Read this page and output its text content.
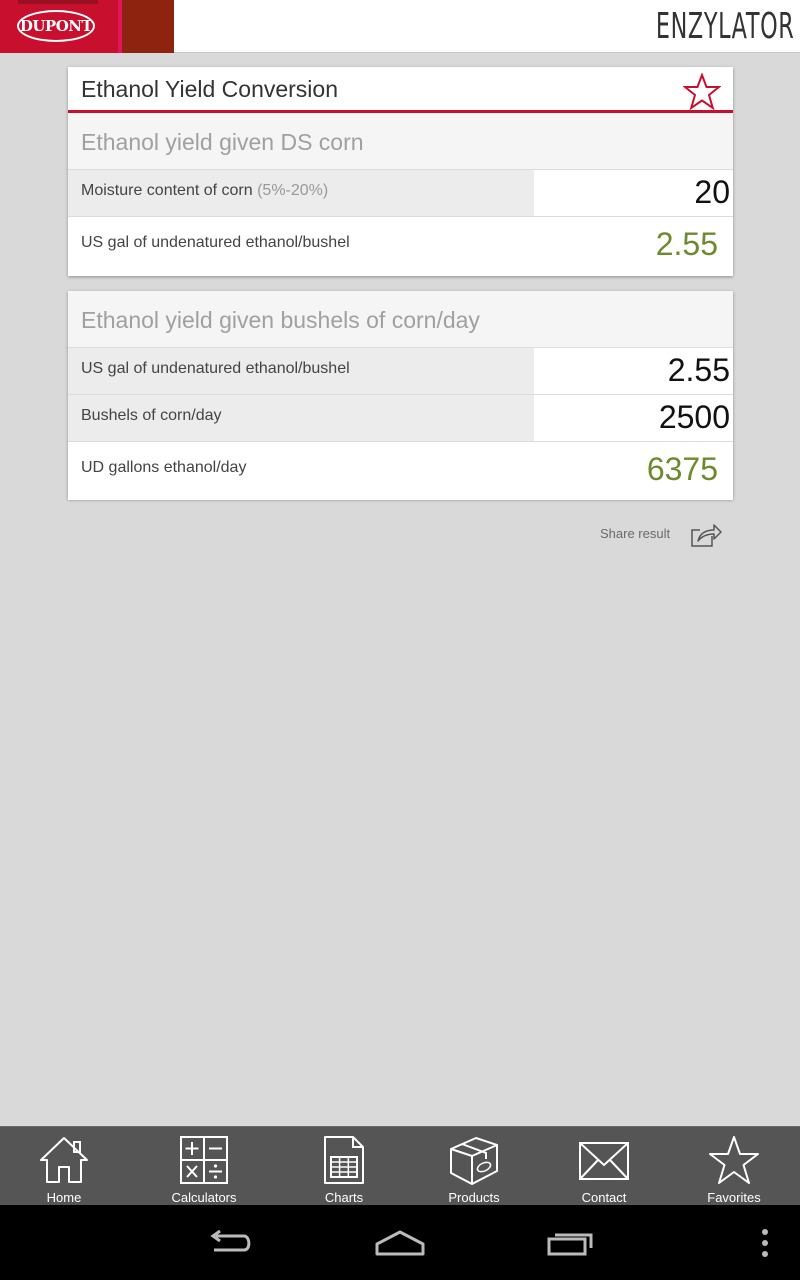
DUPONT	ENZYLATOR
Ethanol Yield Conversion
Ethanol yield given DS corn
Moisture content of corn (5%-20%)	20
US gal of undenatured ethanol/bushel	2.55
Ethanol yield given bushels of corn/day
US gal of undenatured ethanol/bushel	2.55
Bushels of corn/day	2500
UD gallons ethanol/day	6375
Share result
Home	Calculators	Charts	Products	Contact	Favorites
